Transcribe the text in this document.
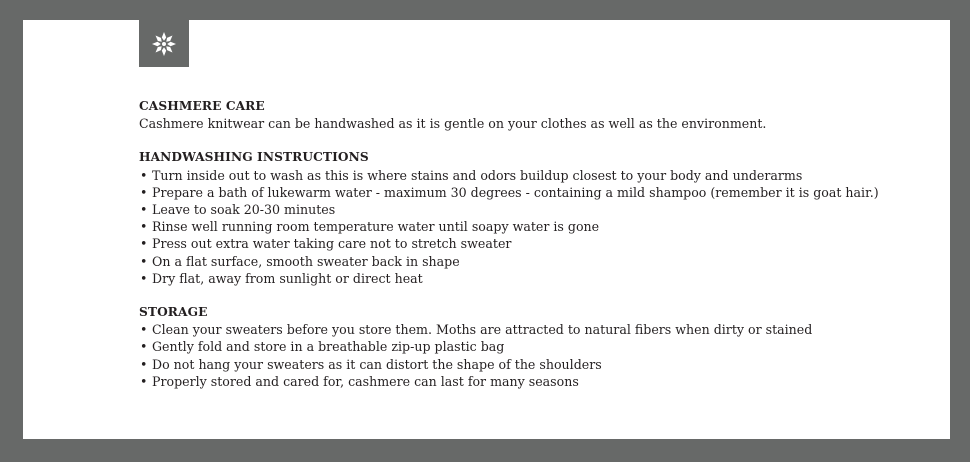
CASHMERE CARE

Cashmere knitwear can be handwashed as it is gentle on your clothes as well as the environment.

HANDWASHING INSTRUCTIONS
• Turn inside out to wash as this is where stains and odors buildup closest to your body and underarms
• Prepare a bath of lukewarm water - maximum 30 degrees - containing a mild shampoo (remember it is goat hair.)
• Leave to soak 20-30 minutes
• Rinse well running room temperature water until soapy water is gone
• Press out extra water taking care not to stretch sweater
• On a flat surface, smooth sweater back in shape
• Dry flat, away from sunlight or direct heat
STORAGE
• Clean your sweaters before you store them. Moths are attracted to natural fibers when dirty or stained
• Gently fold and store in a breathable zip-up plastic bag
• Do not hang your sweaters as it can distort the shape of the shoulders
• Properly stored and cared for, cashmere can last for many seasons
